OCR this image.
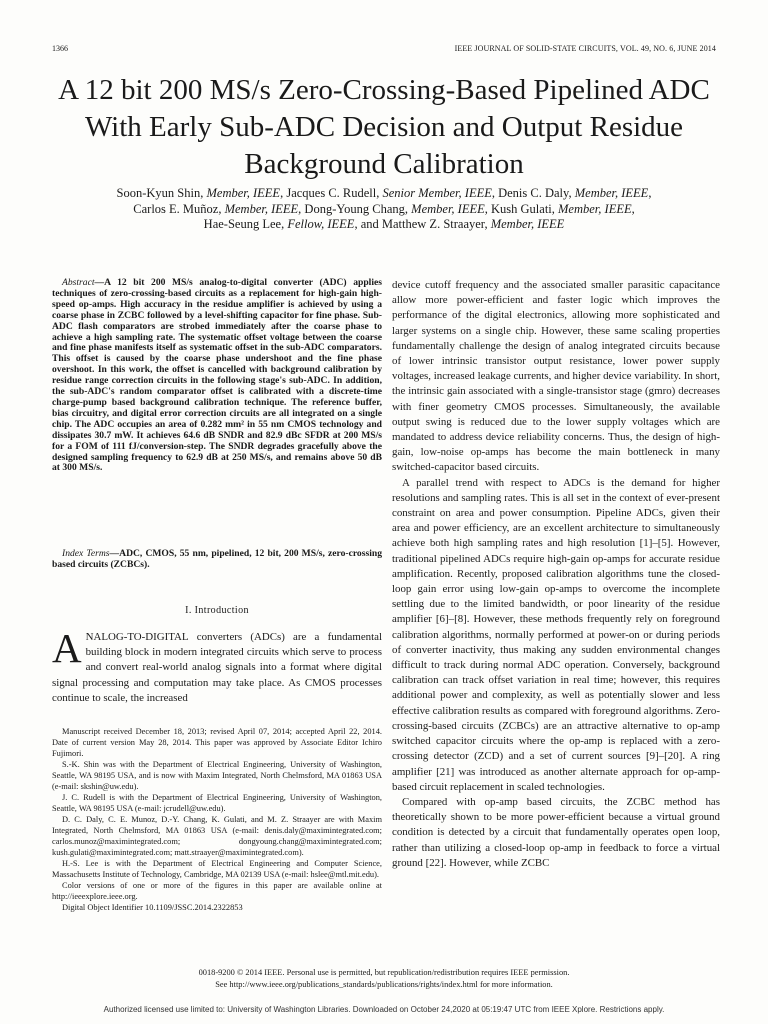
1366	IEEE JOURNAL OF SOLID-STATE CIRCUITS, VOL. 49, NO. 6, JUNE 2014
A 12 bit 200 MS/s Zero-Crossing-Based Pipelined ADC With Early Sub-ADC Decision and Output Residue Background Calibration
Soon-Kyun Shin, Member, IEEE, Jacques C. Rudell, Senior Member, IEEE, Denis C. Daly, Member, IEEE,
Carlos E. Muñoz, Member, IEEE, Dong-Young Chang, Member, IEEE, Kush Gulati, Member, IEEE,
Hae-Seung Lee, Fellow, IEEE, and Matthew Z. Straayer, Member, IEEE

Abstract—A 12 bit 200 MS/s analog-to-digital converter (ADC) applies techniques of zero-crossing-based circuits as a replacement for high-gain high-speed op-amps. High accuracy in the residue amplifier is achieved by using a coarse phase in ZCBC followed by a level-shifting capacitor for fine phase. Sub-ADC flash comparators are strobed immediately after the coarse phase to achieve a high sampling rate. The systematic offset voltage between the coarse and fine phase manifests itself as systematic offset in the sub-ADC comparators. This offset is caused by the coarse phase undershoot and the fine phase overshoot. In this work, the offset is cancelled with background calibration by residue range correction circuits in the following stage's sub-ADC. In addition, the sub-ADC's random comparator offset is calibrated with a discrete-time charge-pump based background calibration technique. The reference buffer, bias circuitry, and digital error correction circuits are all integrated on a single chip. The ADC occupies an area of 0.282 mm² in 55 nm CMOS technology and dissipates 30.7 mW. It achieves 64.6 dB SNDR and 82.9 dBc SFDR at 200 MS/s for a FOM of 111 fJ/conversion-step. The SNDR degrades gracefully above the designed sampling frequency to 62.9 dB at 250 MS/s, and remains above 50 dB at 300 MS/s.

Index Terms—ADC, CMOS, 55 nm, pipelined, 12 bit, 200 MS/s, zero-crossing based circuits (ZCBCs).

I. Introduction

ANALOG-TO-DIGITAL converters (ADCs) are a fundamental building block in modern integrated circuits which serve to process and convert real-world analog signals into a format where digital signal processing and computation may take place. As CMOS processes continue to scale, the increased

Manuscript received December 18, 2013; revised April 07, 2014; accepted April 22, 2014. Date of current version May 28, 2014. This paper was approved by Associate Editor Ichiro Fujimori.

S.-K. Shin was with the Department of Electrical Engineering, University of Washington, Seattle, WA 98195 USA, and is now with Maxim Integrated, North Chelmsford, MA 01863 USA (e-mail: skshin@uw.edu).

J. C. Rudell is with the Department of Electrical Engineering, University of Washington, Seattle, WA 98195 USA (e-mail: jcrudell@uw.edu).

D. C. Daly, C. E. Munoz, D.-Y. Chang, K. Gulati, and M. Z. Straayer are with Maxim Integrated, North Chelmsford, MA 01863 USA (e-mail: denis.daly@maximintegrated.com; carlos.munoz@maximintegrated.com; dongyoung.chang@maximintegrated.com; kush.gulati@maximintegrated.com; matt.straayer@maximintegrated.com).

H.-S. Lee is with the Department of Electrical Engineering and Computer Science, Massachusetts Institute of Technology, Cambridge, MA 02139 USA (e-mail: hslee@mtl.mit.edu).

Color versions of one or more of the figures in this paper are available online at http://ieeexplore.ieee.org.

Digital Object Identifier 10.1109/JSSC.2014.2322853

device cutoff frequency and the associated smaller parasitic capacitance allow more power-efficient and faster logic which improves the performance of the digital electronics, allowing more sophisticated and larger systems on a single chip. However, these same scaling properties fundamentally challenge the design of analog integrated circuits because of lower intrinsic transistor output resistance, lower power supply voltages, increased leakage currents, and higher device variability. In short, the intrinsic gain associated with a single-transistor stage (gmro) decreases with finer geometry CMOS processes. Simultaneously, the available output swing is reduced due to the lower supply voltages which are mandated to address device reliability concerns. Thus, the design of high-gain, low-noise op-amps has become the main bottleneck in many switched-capacitor based circuits.

A parallel trend with respect to ADCs is the demand for higher resolutions and sampling rates. This is all set in the context of ever-present constraint on area and power consumption. Pipeline ADCs, given their area and power efficiency, are an excellent architecture to simultaneously achieve both high sampling rates and high resolution [1]–[5]. However, traditional pipelined ADCs require high-gain op-amps for accurate residue amplification. Recently, proposed calibration algorithms tune the closed-loop gain error using low-gain op-amps to overcome the incomplete settling due to the limited bandwidth, or poor linearity of the residue amplifier [6]–[8]. However, these methods frequently rely on foreground calibration algorithms, normally performed at power-on or during periods of converter inactivity, thus making any sudden environmental changes difficult to track during normal ADC operation. Conversely, background calibration can track offset variation in real time; however, this requires additional power and complexity, as well as potentially slower and less effective calibration results as compared with foreground algorithms. Zero-crossing-based circuits (ZCBCs) are an attractive alternative to op-amp switched capacitor circuits where the op-amp is replaced with a zero-crossing detector (ZCD) and a set of current sources [9]–[20]. A ring amplifier [21] was introduced as another alternate approach for op-amp-based circuit replacement in scaled technologies.

Compared with op-amp based circuits, the ZCBC method has theoretically shown to be more power-efficient because a virtual ground condition is detected by a circuit that fundamentally operates open loop, rather than utilizing a closed-loop op-amp in feedback to force a virtual ground [22]. However, while ZCBC

0018-9200 © 2014 IEEE. Personal use is permitted, but republication/redistribution requires IEEE permission.
See http://www.ieee.org/publications_standards/publications/rights/index.html for more information.
Authorized licensed use limited to: University of Washington Libraries. Downloaded on October 24,2020 at 05:19:47 UTC from IEEE Xplore. Restrictions apply.
